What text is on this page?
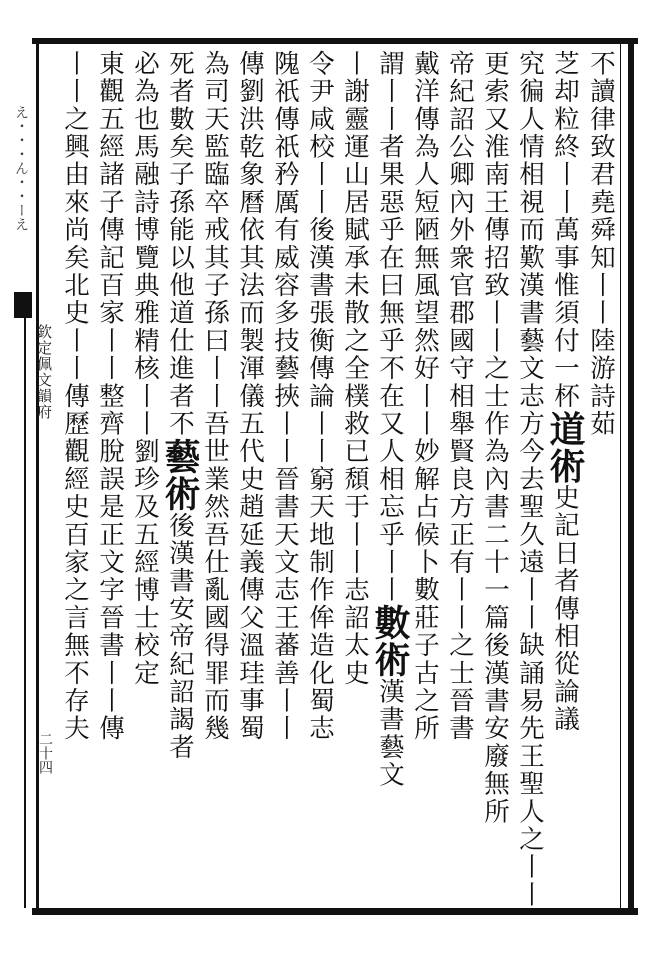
え・・・ん・・ーえ
欽定佩文韻府
二十四
不讀律致君堯舜知丨丨陸游詩茹
芝却粒終丨丨萬事惟須付一杯道術史記日者傳相從論議
究徧人情相視而歎漢書藝文志方今去聖久遠丨丨缺誦易先王聖人之丨丨
更索又淮南王傳招致丨丨之士作為內書二十一篇後漢書安廢無所
帝紀詔公卿內外衆官郡國守相舉賢良方正有丨丨之士晉書
戴洋傳為人短陋無風望然好丨丨妙解占候卜數莊子古之所
謂丨丨者果惡乎在曰無乎不在又人相忘乎丨丨數術漢書藝文
丨謝靈運山居賦承未散之全樸救已頹于丨丨志詔太史
令尹咸校丨丨後漢書張衡傳論丨丨窮天地制作侔造化蜀志
隗祇傳祇矜厲有威容多技藝挾丨丨晉書天文志王蕃善丨丨
傳劉洪乾象曆依其法而製渾儀五代史趙延義傳父溫珪事蜀
為司天監臨卒戒其子孫曰丨丨吾世業然吾仕亂國得罪而幾
死者數矣子孫能以他道仕進者不藝術後漢書安帝紀詔謁者
必為也馬融詩博覽典雅精核丨丨劉珍及五經博士校定
東觀五經諸子傳記百家丨丨整齊脫誤是正文字晉書丨丨傳
丨丨之興由來尚矣北史丨丨傳歷觀經史百家之言無不存夫
